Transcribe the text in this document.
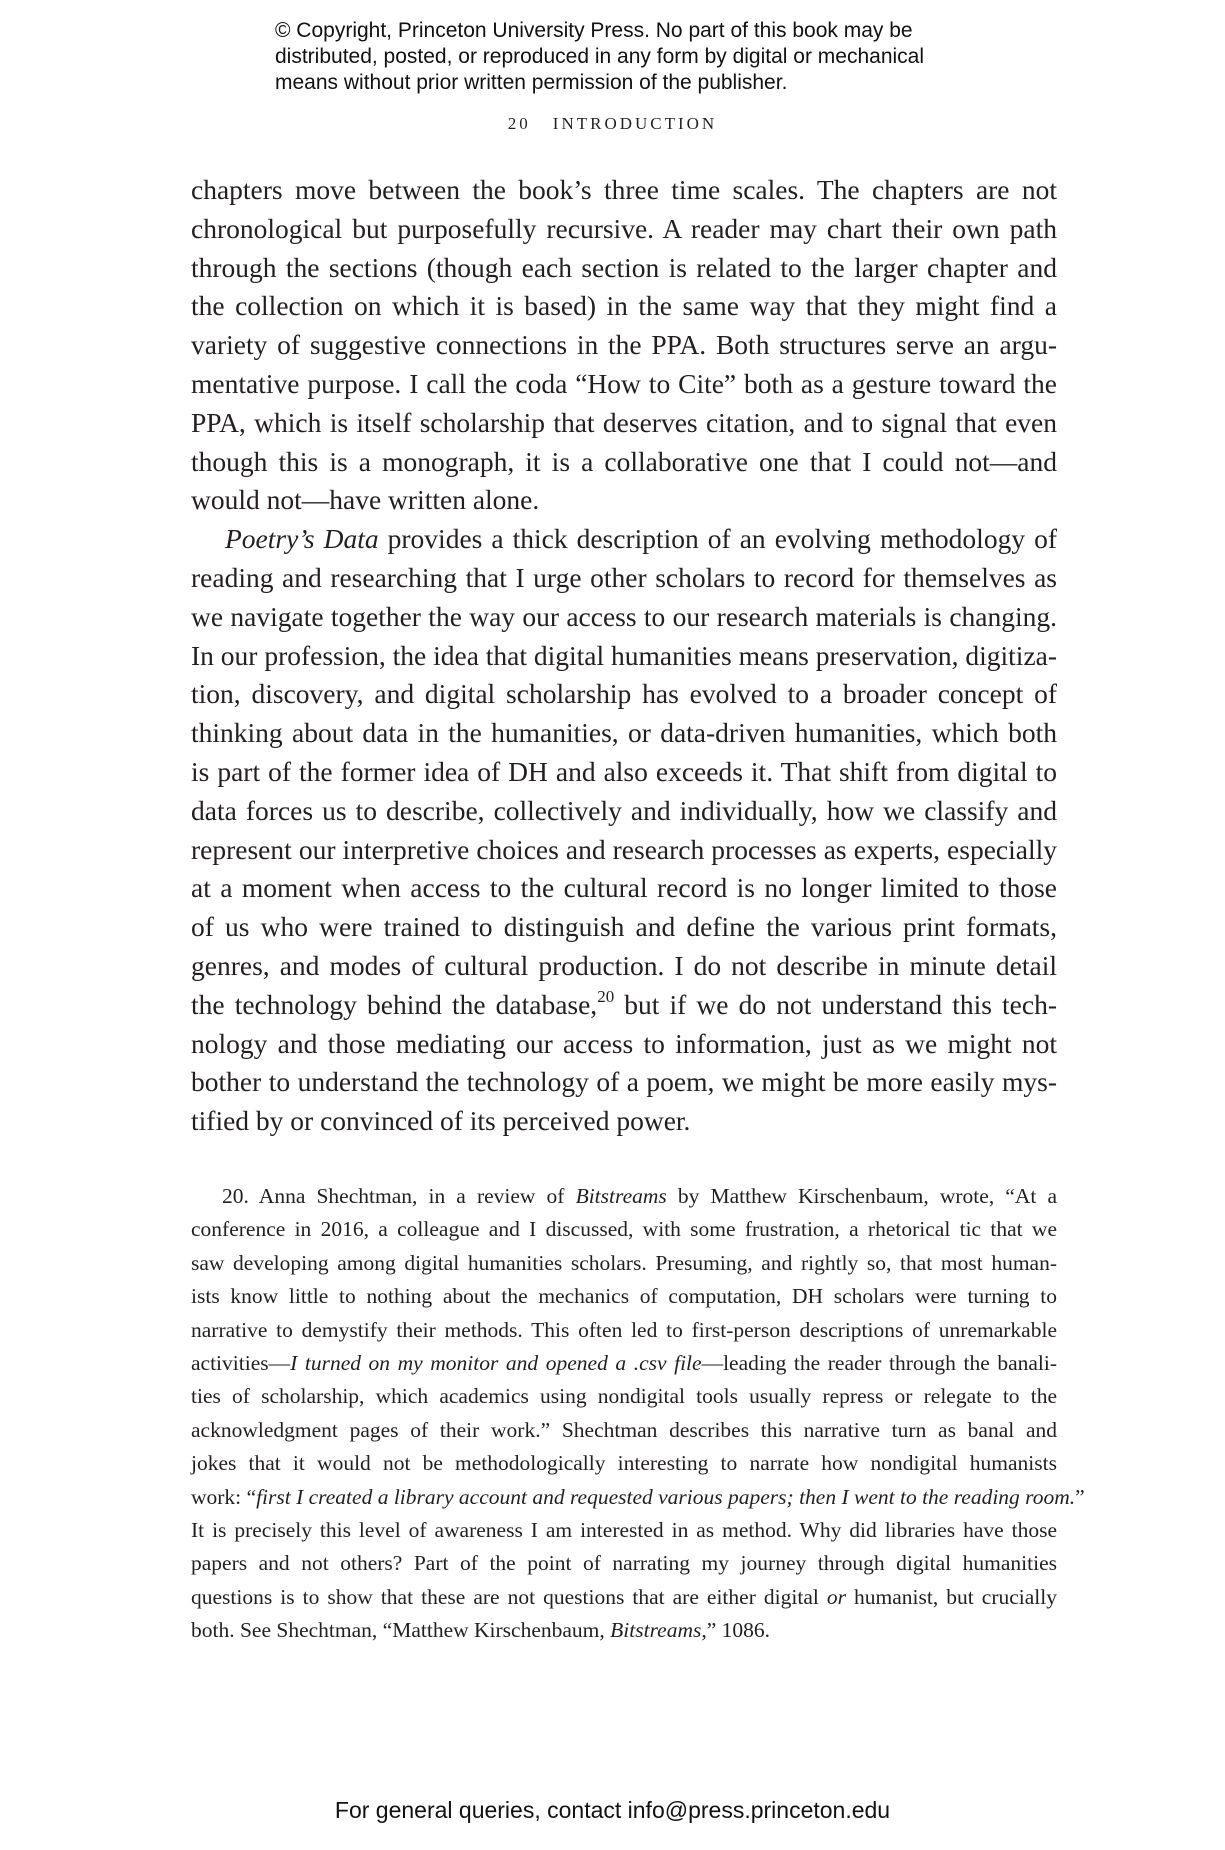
© Copyright, Princeton University Press. No part of this book may be
distributed, posted, or reproduced in any form by digital or mechanical
means without prior written permission of the publisher.
20 INTRODUCTION

chapters move between the book’s three time scales. The chapters are not
chronological but purposefully recursive. A reader may chart their own path
through the sections (though each section is related to the larger chapter and
the collection on which it is based) in the same way that they might find a
variety of suggestive connections in the PPA. Both structures serve an argu-
mentative purpose. I call the coda “How to Cite” both as a gesture toward the
PPA, which is itself scholarship that deserves citation, and to signal that even
though this is a monograph, it is a collaborative one that I could not—and
would not—have written alone.

Poetry’s Data provides a thick description of an evolving methodology of
reading and researching that I urge other scholars to record for themselves as
we navigate together the way our access to our research materials is changing.
In our profession, the idea that digital humanities means preservation, digitiza-
tion, discovery, and digital scholarship has evolved to a broader concept of
thinking about data in the humanities, or data-driven humanities, which both
is part of the former idea of DH and also exceeds it. That shift from digital to
data forces us to describe, collectively and individually, how we classify and
represent our interpretive choices and research processes as experts, especially
at a moment when access to the cultural record is no longer limited to those
of us who were trained to distinguish and define the various print formats,
genres, and modes of cultural production. I do not describe in minute detail
the technology behind the database,$^{20}$ but if we do not understand this tech-
nology and those mediating our access to information, just as we might not
bother to understand the technology of a poem, we might be more easily mys-
tified by or convinced of its perceived power.

20. Anna Shechtman, in a review of Bitstreams by Matthew Kirschenbaum, wrote, “At a
conference in 2016, a colleague and I discussed, with some frustration, a rhetorical tic that we
saw developing among digital humanities scholars. Presuming, and rightly so, that most human-
ists know little to nothing about the mechanics of computation, DH scholars were turning to
narrative to demystify their methods. This often led to first-person descriptions of unremarkable
activities—I turned on my monitor and opened a .csv file—leading the reader through the banali-
ties of scholarship, which academics using nondigital tools usually repress or relegate to the
acknowledgment pages of their work.” Shechtman describes this narrative turn as banal and
jokes that it would not be methodologically interesting to narrate how nondigital humanists
work: “first I created a library account and requested various papers; then I went to the reading room.”
It is precisely this level of awareness I am interested in as method. Why did libraries have those
papers and not others? Part of the point of narrating my journey through digital humanities
questions is to show that these are not questions that are either digital or humanist, but crucially
both. See Shechtman, “Matthew Kirschenbaum, Bitstreams,” 1086.
For general queries, contact info@press.princeton.edu
